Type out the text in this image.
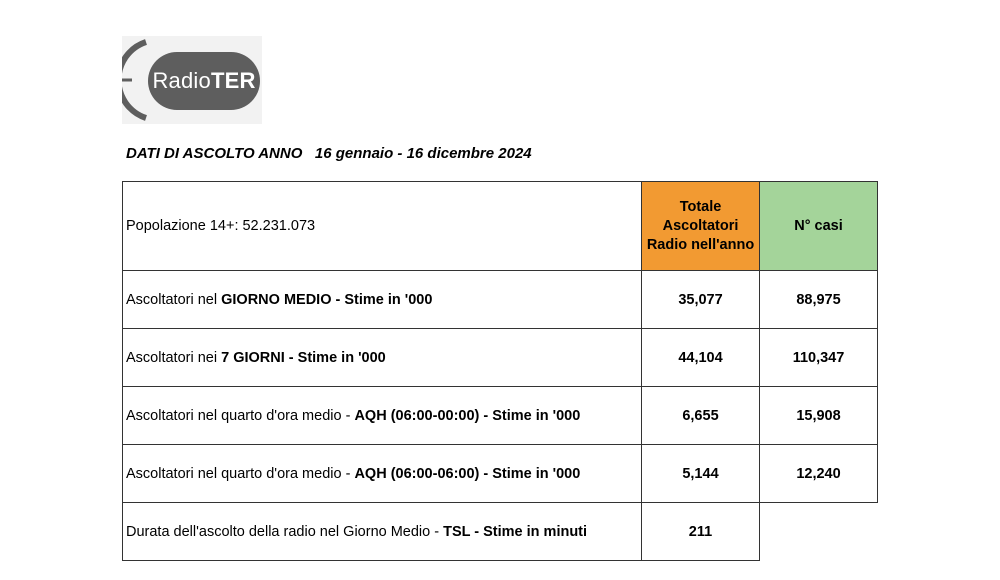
Radio TER
DATI DI ASCOLTO ANNO   16 gennaio - 16 dicembre 2024
Popolazione 14+: 52.231.073	Totale Ascoltatori Radio nell'anno	N° casi
Ascoltatori nel GIORNO MEDIO - Stime in '000	35,077	88,975
Ascoltatori nei 7 GIORNI - Stime in '000	44,104	110,347
Ascoltatori nel quarto d'ora medio - AQH (06:00-00:00) - Stime in '000	6,655	15,908
Ascoltatori nel quarto d'ora medio - AQH (06:00-06:00) - Stime in '000	5,144	12,240
Durata dell'ascolto della radio nel Giorno Medio - TSL - Stime in minuti	211	
